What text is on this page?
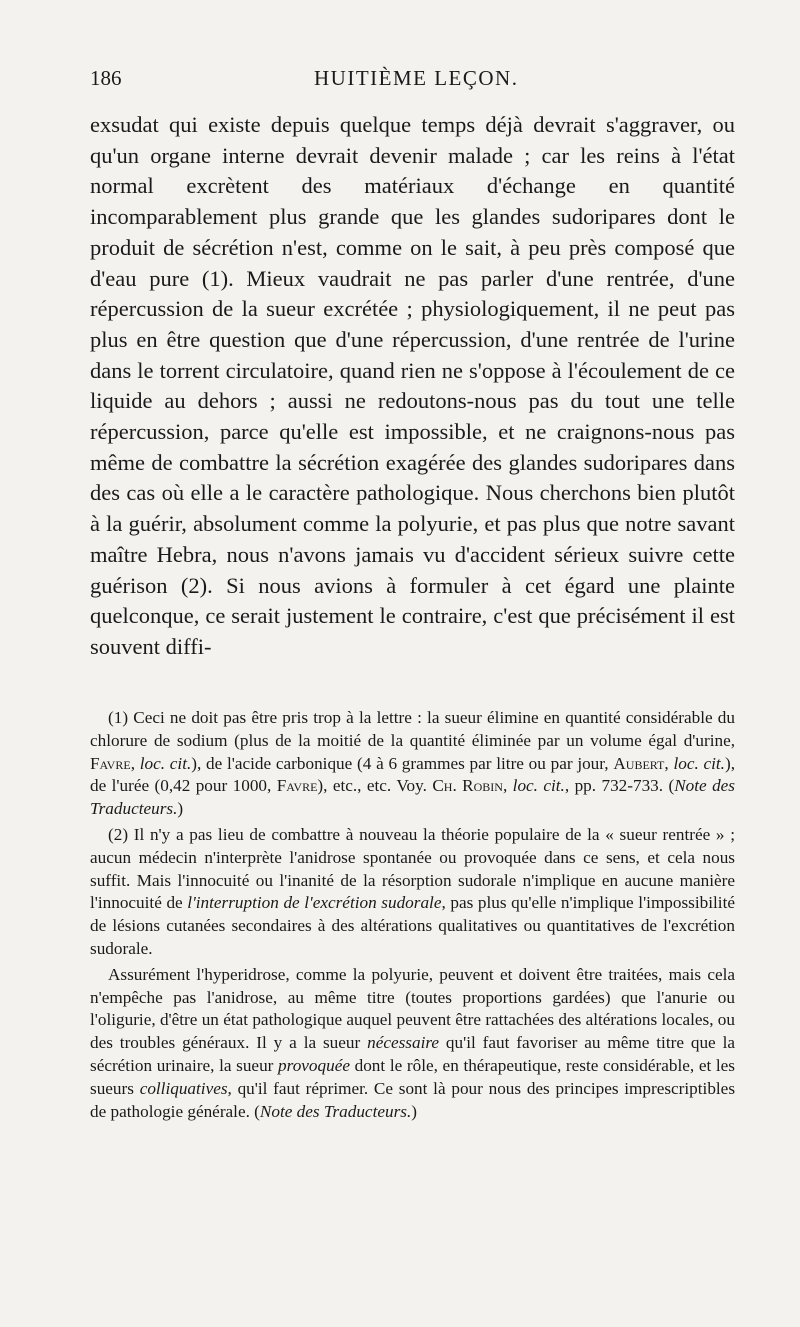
186	HUITIÈME LEÇON.

exsudat qui existe depuis quelque temps déjà devrait s'aggraver, ou qu'un organe interne devrait devenir malade ; car les reins à l'état normal excrètent des matériaux d'échange en quantité incomparablement plus grande que les glandes sudoripares dont le produit de sécrétion n'est, comme on le sait, à peu près composé que d'eau pure (1). Mieux vaudrait ne pas parler d'une rentrée, d'une répercussion de la sueur excrétée ; physiologiquement, il ne peut pas plus en être question que d'une répercussion, d'une rentrée de l'urine dans le torrent circulatoire, quand rien ne s'oppose à l'écoulement de ce liquide au dehors ; aussi ne redoutons-nous pas du tout une telle répercussion, parce qu'elle est impossible, et ne craignons-nous pas même de combattre la sécrétion exagérée des glandes sudoripares dans des cas où elle a le caractère pathologique. Nous cherchons bien plutôt à la guérir, absolument comme la polyurie, et pas plus que notre savant maître Hebra, nous n'avons jamais vu d'accident sérieux suivre cette guérison (2). Si nous avions à formuler à cet égard une plainte quelconque, ce serait justement le contraire, c'est que précisément il est souvent diffi-

(1) Ceci ne doit pas être pris trop à la lettre : la sueur élimine en quantité considérable du chlorure de sodium (plus de la moitié de la quantité éliminée par un volume égal d'urine, Favre, loc. cit.), de l'acide carbonique (4 à 6 grammes par litre ou par jour, Aubert, loc. cit.), de l'urée (0,42 pour 1000, Favre), etc., etc. Voy. Ch. Robin, loc. cit., pp. 732-733. (Note des Traducteurs.)

(2) Il n'y a pas lieu de combattre à nouveau la théorie populaire de la « sueur rentrée » ; aucun médecin n'interprète l'anidrose spontanée ou provoquée dans ce sens, et cela nous suffit. Mais l'innocuité ou l'inanité de la résorption sudorale n'implique en aucune manière l'innocuité de l'interruption de l'excrétion sudorale, pas plus qu'elle n'implique l'impossibilité de lésions cutanées secondaires à des altérations qualitatives ou quantitatives de l'excrétion sudorale.

Assurément l'hyperidrose, comme la polyurie, peuvent et doivent être traitées, mais cela n'empêche pas l'anidrose, au même titre (toutes proportions gardées) que l'anurie ou l'oligurie, d'être un état pathologique auquel peuvent être rattachées des altérations locales, ou des troubles généraux. Il y a la sueur nécessaire qu'il faut favoriser au même titre que la sécrétion urinaire, la sueur provoquée dont le rôle, en thérapeutique, reste considérable, et les sueurs colliquatives, qu'il faut réprimer. Ce sont là pour nous des principes imprescriptibles de pathologie générale. (Note des Traducteurs.)
